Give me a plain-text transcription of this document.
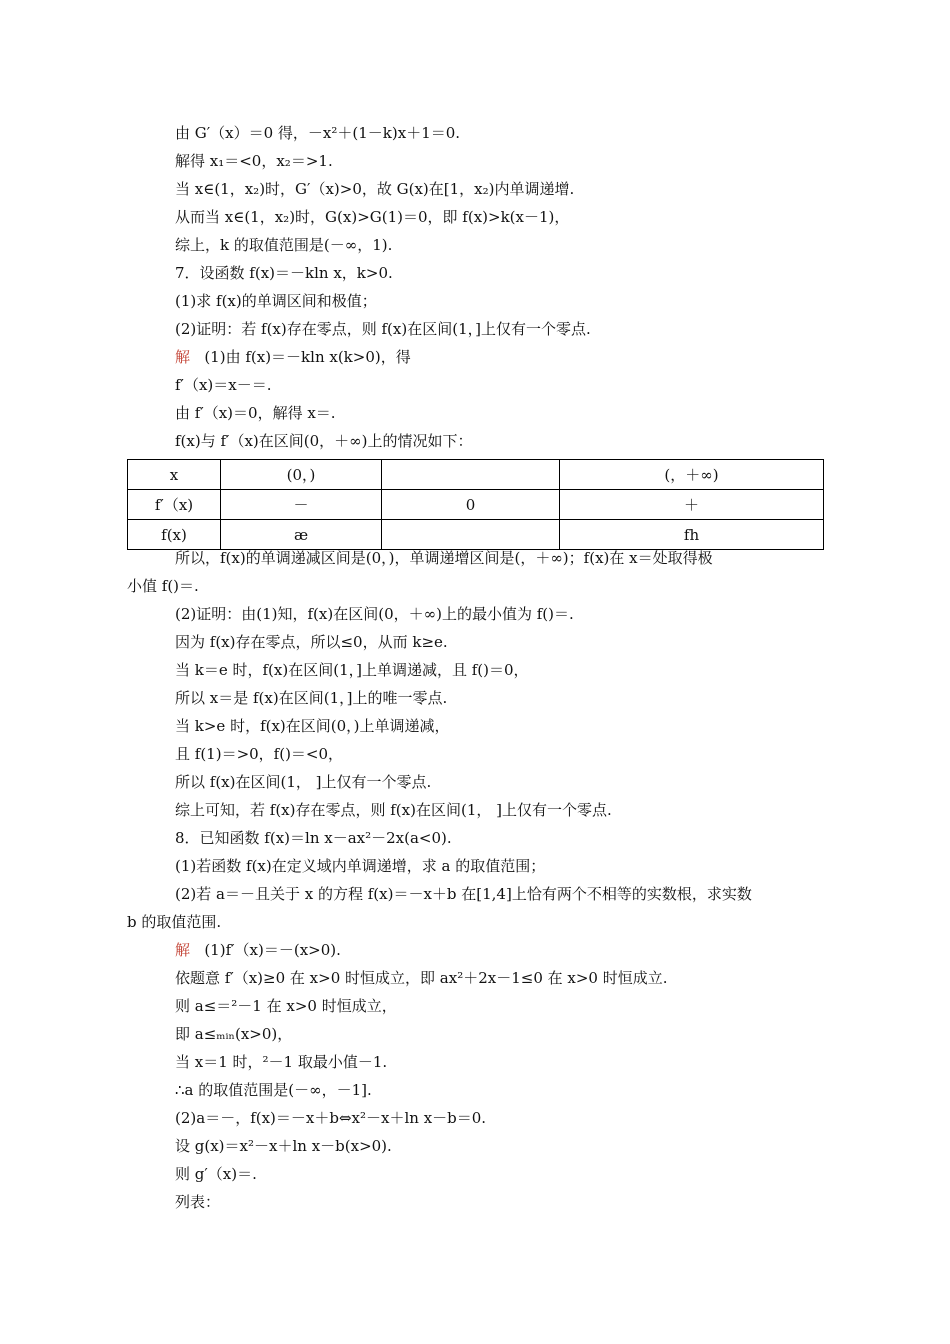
由 G′（x）＝0 得，－x²＋(1－k)x＋1＝0.
解得 x₁＝<0，x₂＝>1.
当 x∈(1，x₂)时，G′（x)>0，故 G(x)在[1，x₂)内单调递增.
从而当 x∈(1，x₂)时，G(x)>G(1)＝0，即 f(x)>k(x－1)，
综上，k 的取值范围是(－∞，1).
7．设函数 f(x)＝－kln x，k>0.
(1)求 f(x)的单调区间和极值；
(2)证明：若 f(x)存在零点，则 f(x)在区间(1，]上仅有一个零点.
解 (1)由 f(x)＝－kln x(k>0)，得
f′（x)＝x－＝.
由 f′（x)＝0，解得 x＝.
f(x)与 f′（x)在区间(0，＋∞)上的情况如下：
x	(0，)		(，＋∞)
f′（x)	－	0	＋
f(x)	æ		fh
所以，f(x)的单调递减区间是(0，)，单调递增区间是(，＋∞)；f(x)在 x＝处取得极
小值 f()＝.
(2)证明：由(1)知，f(x)在区间(0，＋∞)上的最小值为 f()＝.
因为 f(x)存在零点，所以≤0，从而 k≥e.
当 k＝e 时，f(x)在区间(1，]上单调递减，且 f()＝0，
所以 x＝是 f(x)在区间(1，]上的唯一零点.
当 k>e 时，f(x)在区间(0，)上单调递减，
且 f(1)＝>0，f()＝<0，
所以 f(x)在区间(1， ]上仅有一个零点.
综上可知，若 f(x)存在零点，则 f(x)在区间(1， ]上仅有一个零点.
8．已知函数 f(x)＝ln x－ax²－2x(a<0).
(1)若函数 f(x)在定义域内单调递增，求 a 的取值范围；
(2)若 a＝－且关于 x 的方程 f(x)＝－x＋b 在[1,4]上恰有两个不相等的实数根，求实数
b 的取值范围.
解 (1)f′（x)＝－(x>0).
依题意 f′（x)≥0 在 x>0 时恒成立，即 ax²＋2x－1≤0 在 x>0 时恒成立.
则 a≤＝²－1 在 x>0 时恒成立，
即 a≤ₘᵢₙ(x>0)，
当 x＝1 时，²－1 取最小值－1.
∴a 的取值范围是(－∞，－1].
(2)a＝－，f(x)＝－x＋b⇔x²－x＋ln x－b＝0.
设 g(x)＝x²－x＋ln x－b(x>0).
则 g′（x)＝.
列表：
